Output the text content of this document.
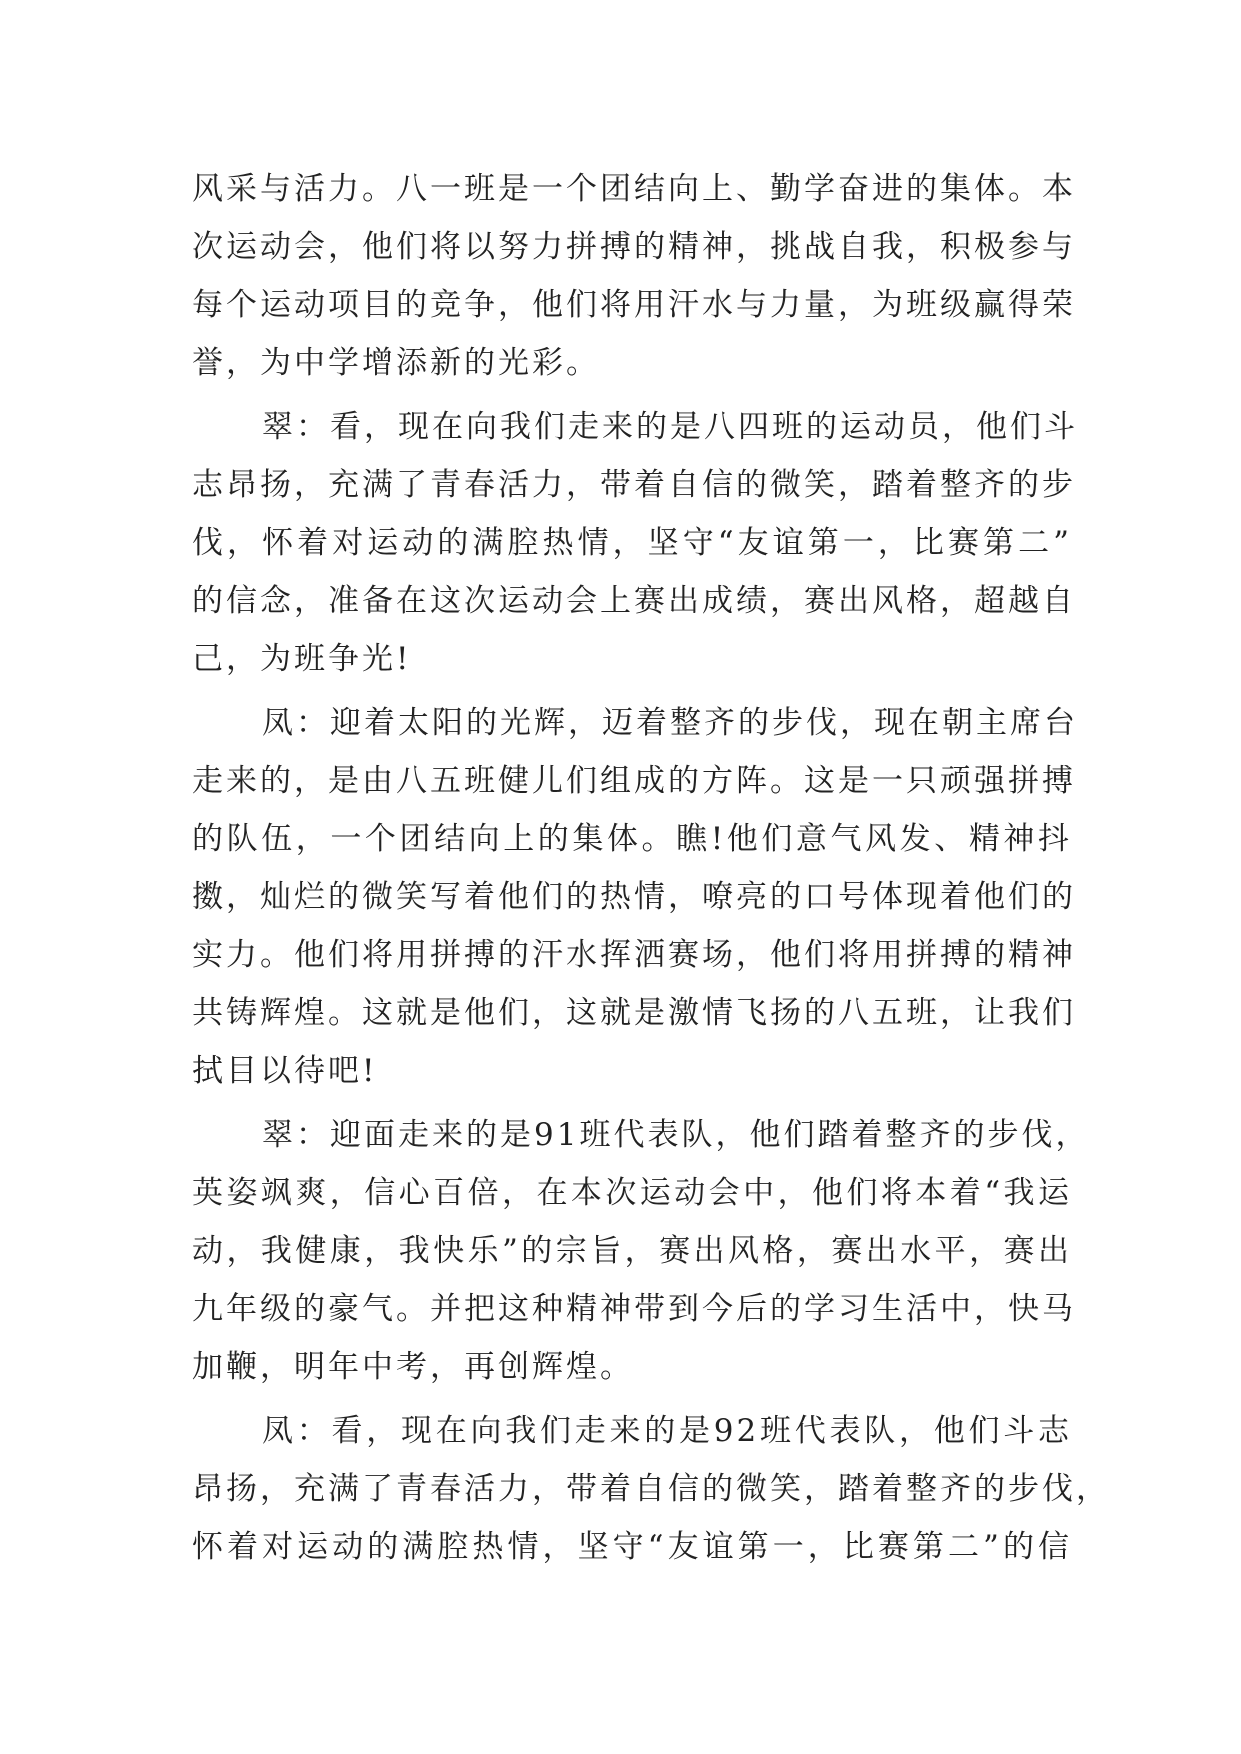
风采与活力。八一班是一个团结向上、勤学奋进的集体。本
次运动会，他们将以努力拼搏的精神，挑战自我，积极参与
每个运动项目的竞争，他们将用汗水与力量，为班级赢得荣
誉，为中学增添新的光彩。
翠：看，现在向我们走来的是八四班的运动员，他们斗
志昂扬，充满了青春活力，带着自信的微笑，踏着整齐的步
伐，怀着对运动的满腔热情，坚守“友谊第一，比赛第二”
的信念，准备在这次运动会上赛出成绩，赛出风格，超越自
己，为班争光!
凤：迎着太阳的光辉，迈着整齐的步伐，现在朝主席台
走来的，是由八五班健儿们组成的方阵。这是一只顽强拼搏
的队伍，一个团结向上的集体。瞧!他们意气风发、精神抖
擞，灿烂的微笑写着他们的热情，嘹亮的口号体现着他们的
实力。他们将用拼搏的汗水挥洒赛场，他们将用拼搏的精神
共铸辉煌。这就是他们，这就是激情飞扬的八五班，让我们
拭目以待吧!
翠：迎面走来的是91班代表队，他们踏着整齐的步伐，
英姿飒爽，信心百倍，在本次运动会中，他们将本着“我运
动，我健康，我快乐”的宗旨，赛出风格，赛出水平，赛出
九年级的豪气。并把这种精神带到今后的学习生活中，快马
加鞭，明年中考，再创辉煌。
凤：看，现在向我们走来的是92班代表队，他们斗志
昂扬，充满了青春活力，带着自信的微笑，踏着整齐的步伐，
怀着对运动的满腔热情，坚守“友谊第一，比赛第二”的信
